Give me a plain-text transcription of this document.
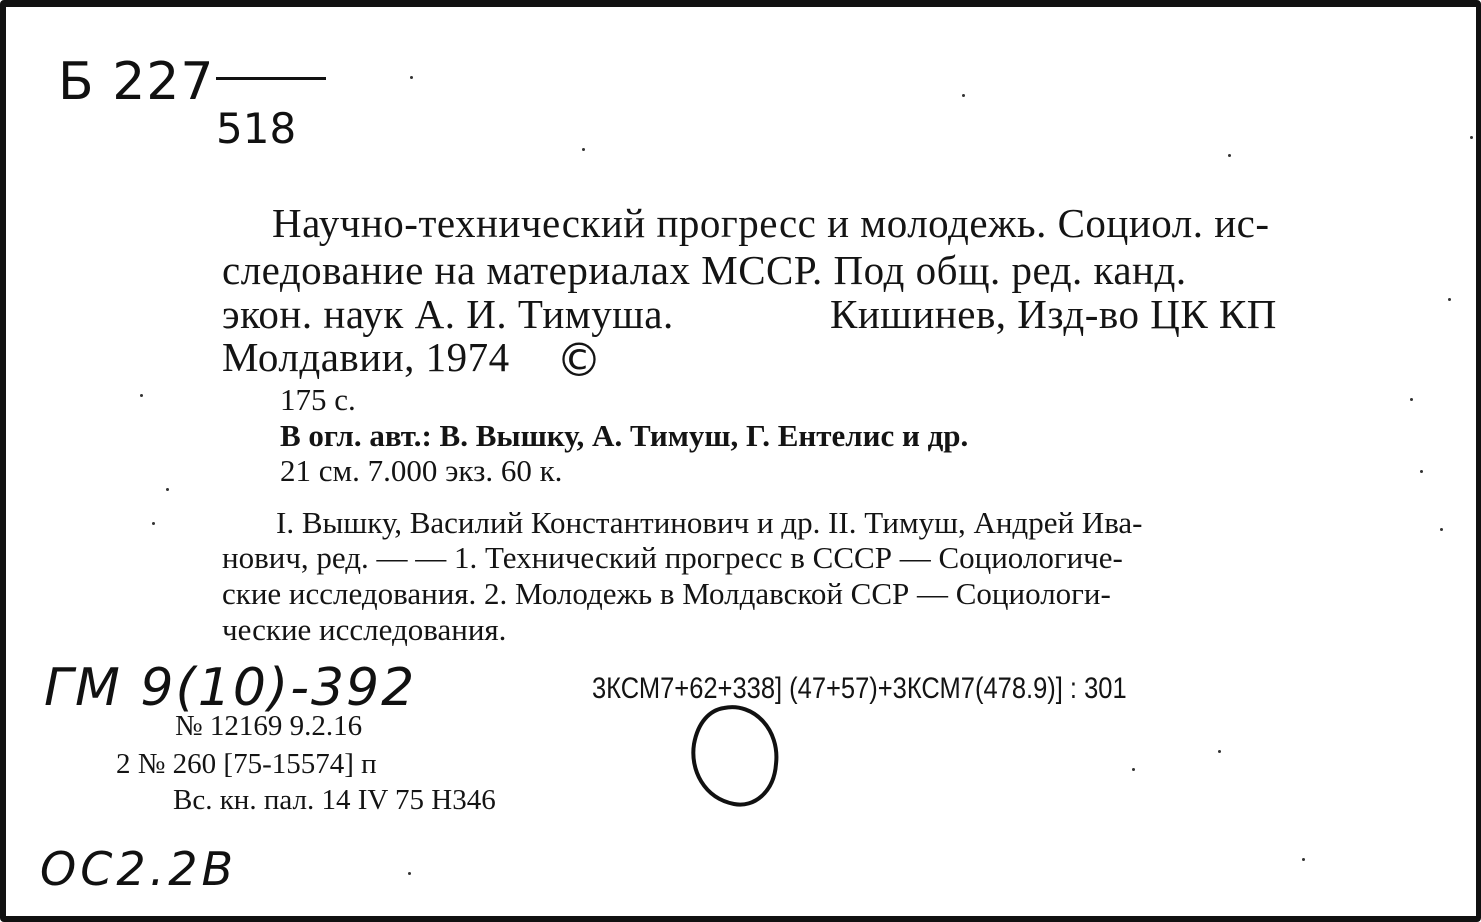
Б 227
518
Научно-технический прогресс и молодежь. Социол. ис-
следование на материалах МССР. Под общ. ред. канд.
экон. наук А. И. Тимуша.	Кишинев, Изд-во ЦК КП
Молдавии, 1974 ©
175 с.
В огл. авт.: В. Вышку, А. Тимуш, Г. Ентелис и др.
21 см. 7.000 экз. 60 к.
I. Вышку, Василий Константинович и др. II. Тимуш, Андрей Ива-
нович, ред. — — 1. Технический прогресс в СССР — Социологиче-
ские исследования. 2. Молодежь в Молдавской ССР — Социологи-
ческие исследования.
ГМ 9(10)-392	3КСМ7+62+338] (47+57)+3КСМ7(478.9)] : 301
№ 12169 9.2.16
2 № 260 [75-15574] п
Вс. кн. пал. 14 IV 75 Н346
ОС2.2В
